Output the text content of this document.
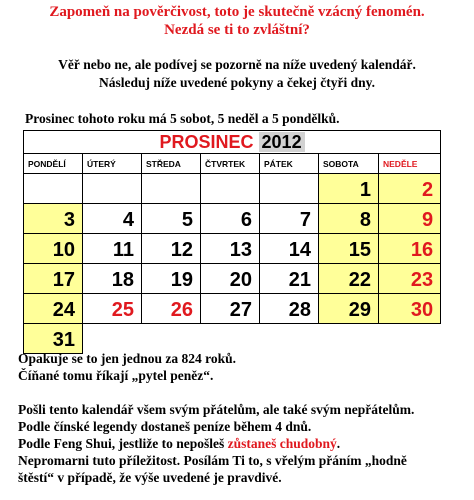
Zapomeň na pověrčivost, toto je skutečně vzácný fenomén.
Nezdá se ti to zvláštní?
Věř nebo ne, ale podívej se pozorně na níže uvedený kalendář.
Následuj níže uvedené pokyny a čekej čtyři dny.
Prosinec tohoto roku má 5 sobot, 5 neděl a 5 pondělků.
PROSINEC 2012						
PONDĚLÍ	ÚTERÝ	STŘEDA	ČTVRTEK	PÁTEK	SOBOTA	NEDĚLE
					1	2
3	4	5	6	7	8	9
10	11	12	13	14	15	16
17	18	19	20	21	22	23
24	25	26	27	28	29	30
31						
Opakuje se to jen jednou za 824 roků.
Číňané tomu říkají „pytel peněz“.
Pošli tento kalendář všem svým přátelům, ale také svým nepřátelům.
Podle čínské legendy dostaneš peníze během 4 dnů.
Podle Feng Shui, jestliže to nepošleš zůstaneš chudobný.
Nepromarni tuto příležitost. Posílám Ti to, s vřelým přáním „hodně
štěstí“ v případě, že výše uvedené je pravdivé.
